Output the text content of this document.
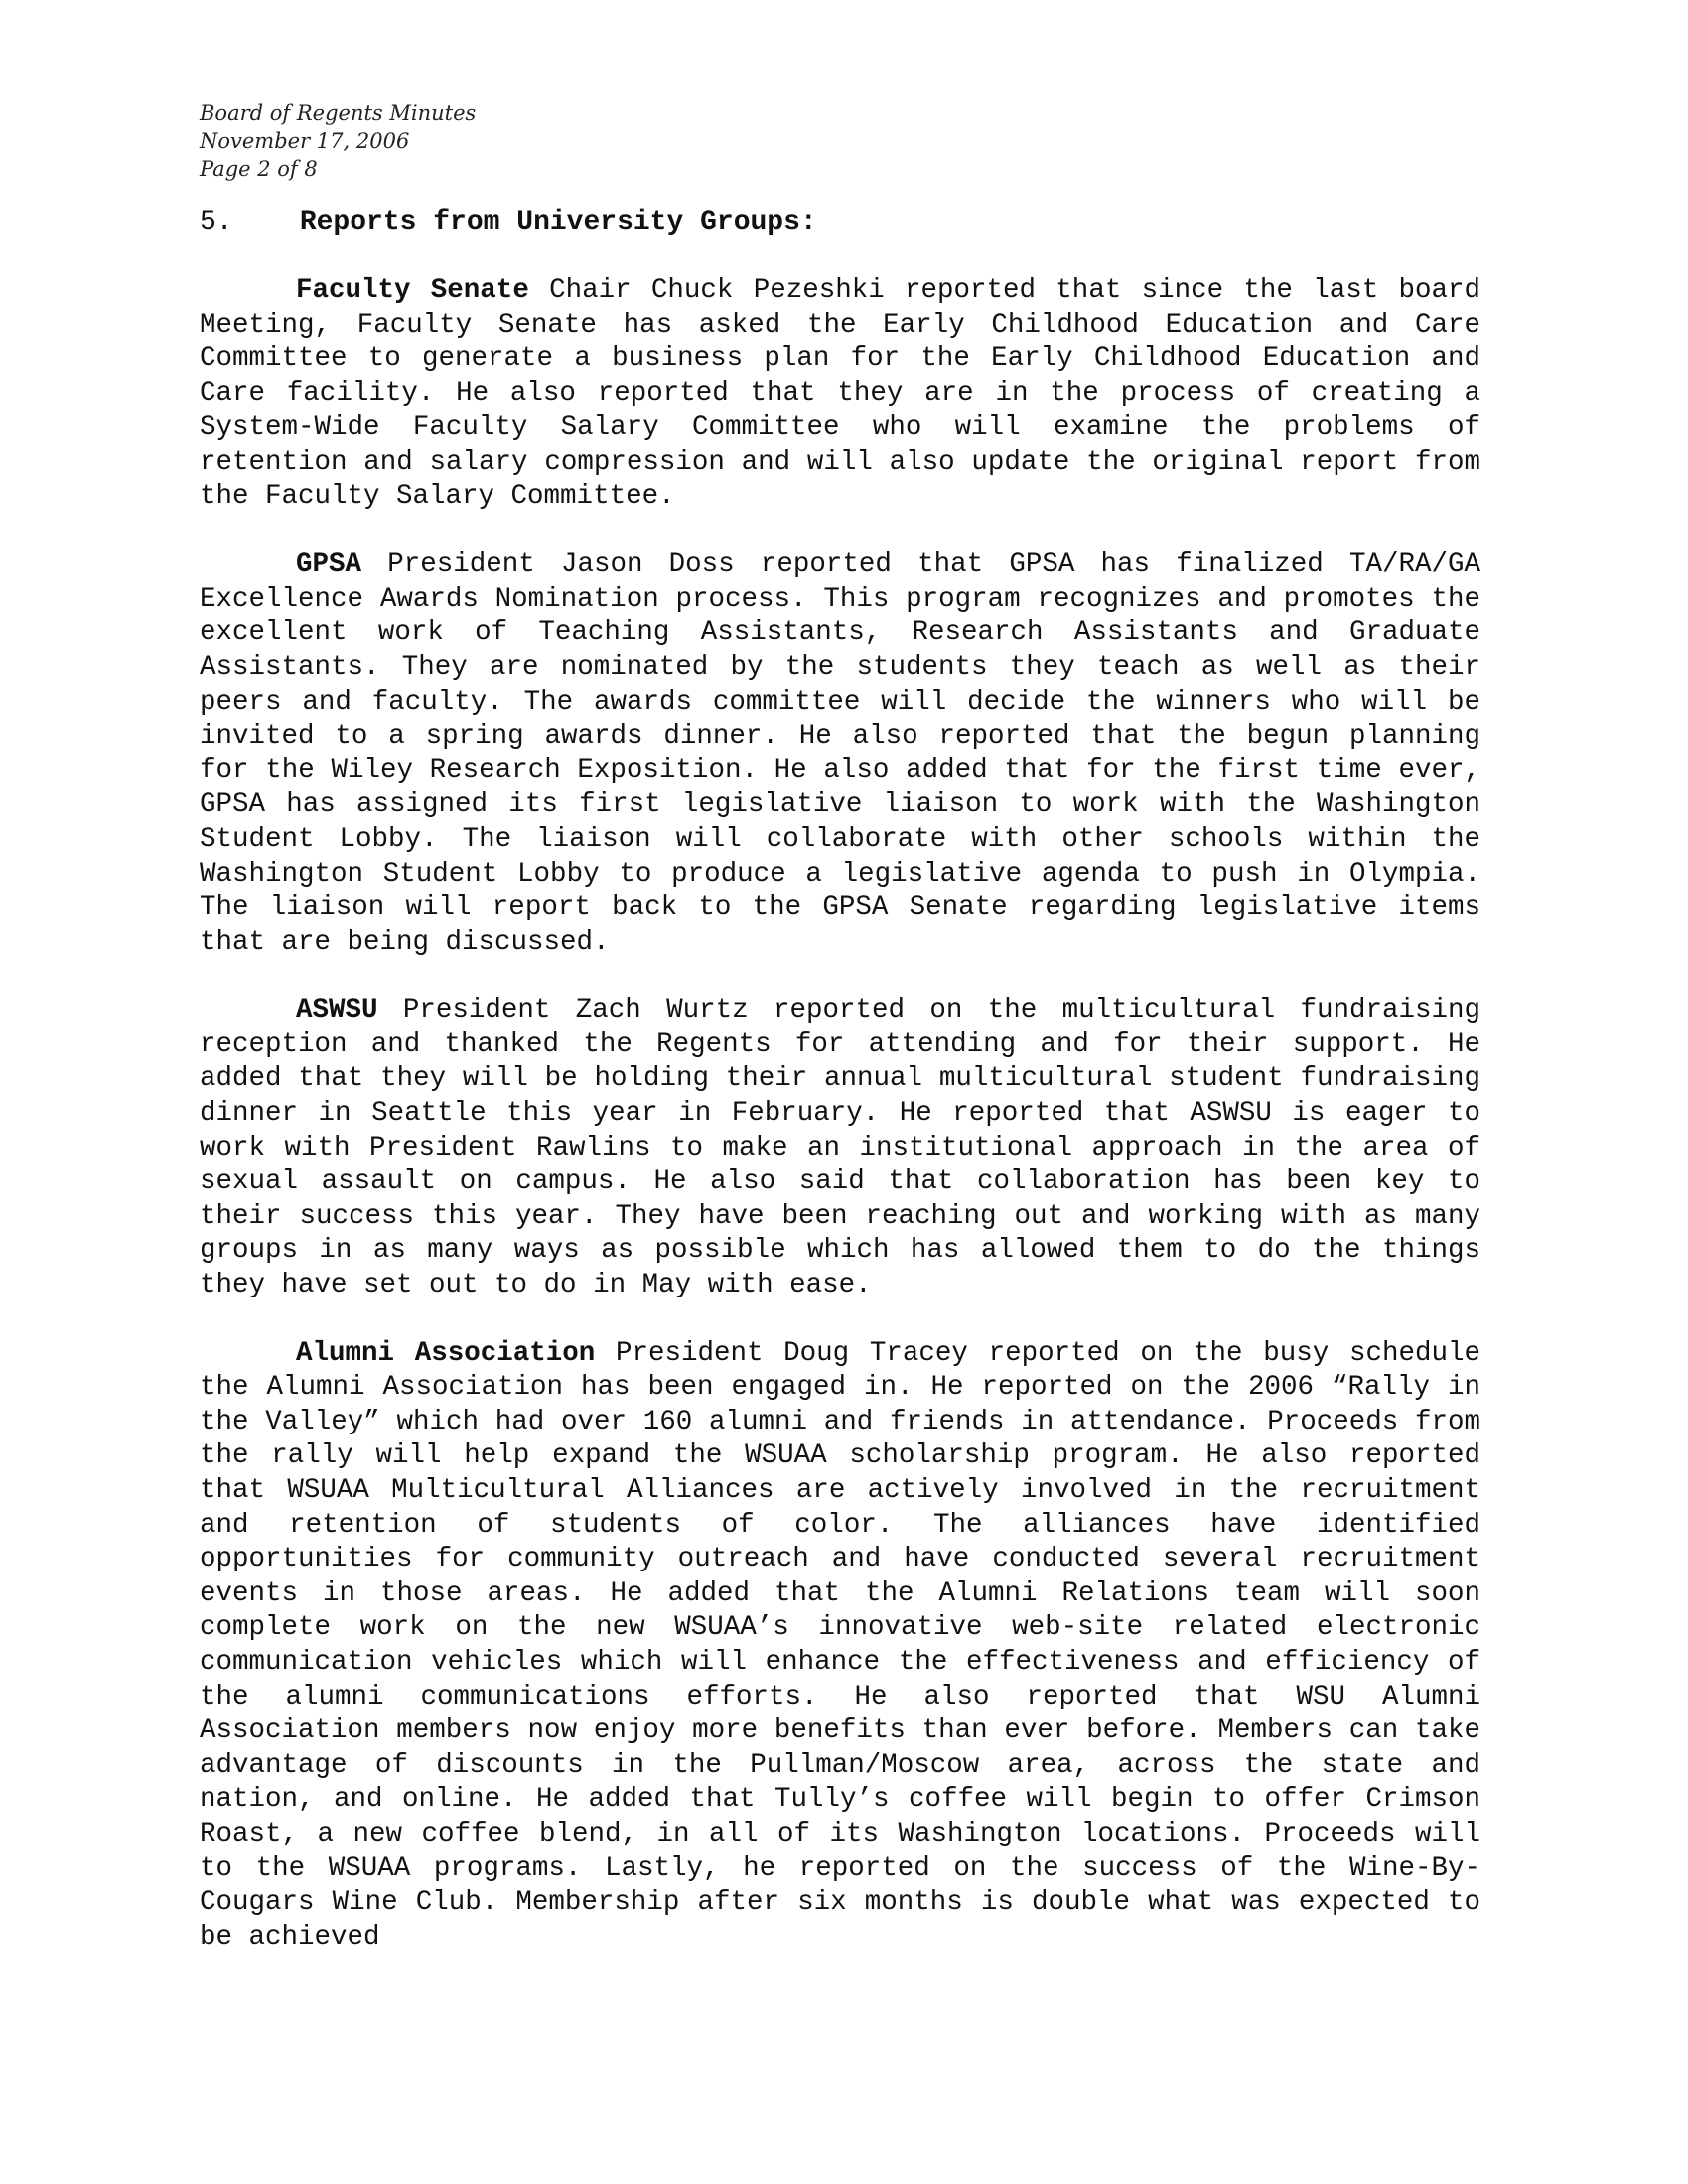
Board of Regents Minutes
November 17, 2006
Page 2 of 8
5. Reports from University Groups:

Faculty Senate Chair Chuck Pezeshki reported that since the last board Meeting, Faculty Senate has asked the Early Childhood Education and Care Committee to generate a business plan for the Early Childhood Education and Care facility. He also reported that they are in the process of creating a System-Wide Faculty Salary Committee who will examine the problems of retention and salary compression and will also update the original report from the Faculty Salary Committee.

GPSA President Jason Doss reported that GPSA has finalized TA/RA/GA Excellence Awards Nomination process. This program recognizes and promotes the excellent work of Teaching Assistants, Research Assistants and Graduate Assistants. They are nominated by the students they teach as well as their peers and faculty. The awards committee will decide the winners who will be invited to a spring awards dinner. He also reported that the begun planning for the Wiley Research Exposition. He also added that for the first time ever, GPSA has assigned its first legislative liaison to work with the Washington Student Lobby. The liaison will collaborate with other schools within the Washington Student Lobby to produce a legislative agenda to push in Olympia. The liaison will report back to the GPSA Senate regarding legislative items that are being discussed.

ASWSU President Zach Wurtz reported on the multicultural fundraising reception and thanked the Regents for attending and for their support. He added that they will be holding their annual multicultural student fundraising dinner in Seattle this year in February. He reported that ASWSU is eager to work with President Rawlins to make an institutional approach in the area of sexual assault on campus. He also said that collaboration has been key to their success this year. They have been reaching out and working with as many groups in as many ways as possible which has allowed them to do the things they have set out to do in May with ease.

Alumni Association President Doug Tracey reported on the busy schedule the Alumni Association has been engaged in. He reported on the 2006 “Rally in the Valley” which had over 160 alumni and friends in attendance. Proceeds from the rally will help expand the WSUAA scholarship program. He also reported that WSUAA Multicultural Alliances are actively involved in the recruitment and retention of students of color. The alliances have identified opportunities for community outreach and have conducted several recruitment events in those areas. He added that the Alumni Relations team will soon complete work on the new WSUAA’s innovative web-site related electronic communication vehicles which will enhance the effectiveness and efficiency of the alumni communications efforts. He also reported that WSU Alumni Association members now enjoy more benefits than ever before. Members can take advantage of discounts in the Pullman/Moscow area, across the state and nation, and online. He added that Tully’s coffee will begin to offer Crimson Roast, a new coffee blend, in all of its Washington locations. Proceeds will to the WSUAA programs. Lastly, he reported on the success of the Wine-By-Cougars Wine Club. Membership after six months is double what was expected to be achieved
